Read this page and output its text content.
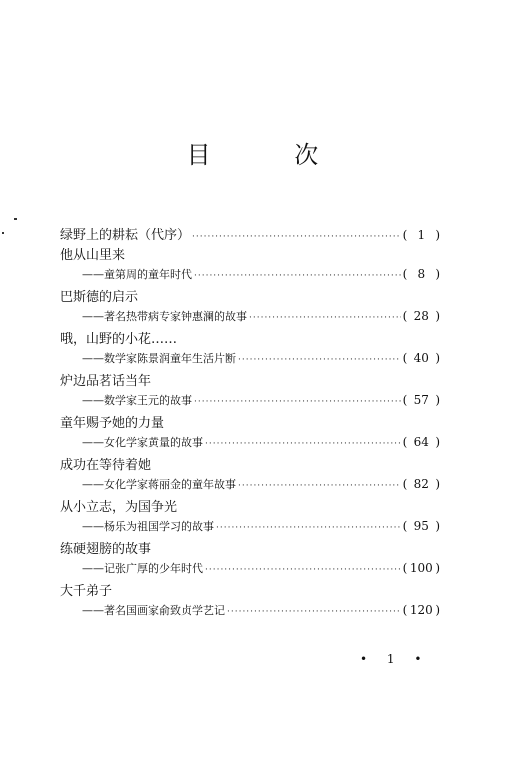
目 次
绿野上的耕耘（代序） ·····	( 1 )
他从山里来
——童第周的童年时代 ·····	( 8 )
巴斯德的启示
——著名热带病专家钟惠澜的故事 ·····	( 28 )
哦，山野的小花……
——数学家陈景润童年生活片断 ·····	( 40 )
炉边品茗话当年
——数学家王元的故事 ·····	( 57 )
童年赐予她的力量
——女化学家黄量的故事 ·····	( 64 )
成功在等待着她
——女化学家蒋丽金的童年故事 ·····	( 82 )
从小立志，为国争光
——杨乐为祖国学习的故事 ·····	( 95 )
练硬翅膀的故事
——记张广厚的少年时代 ·····	( 100 )
大千弟子
——著名国画家俞致贞学艺记 ·····	( 120 )
• 1 •
